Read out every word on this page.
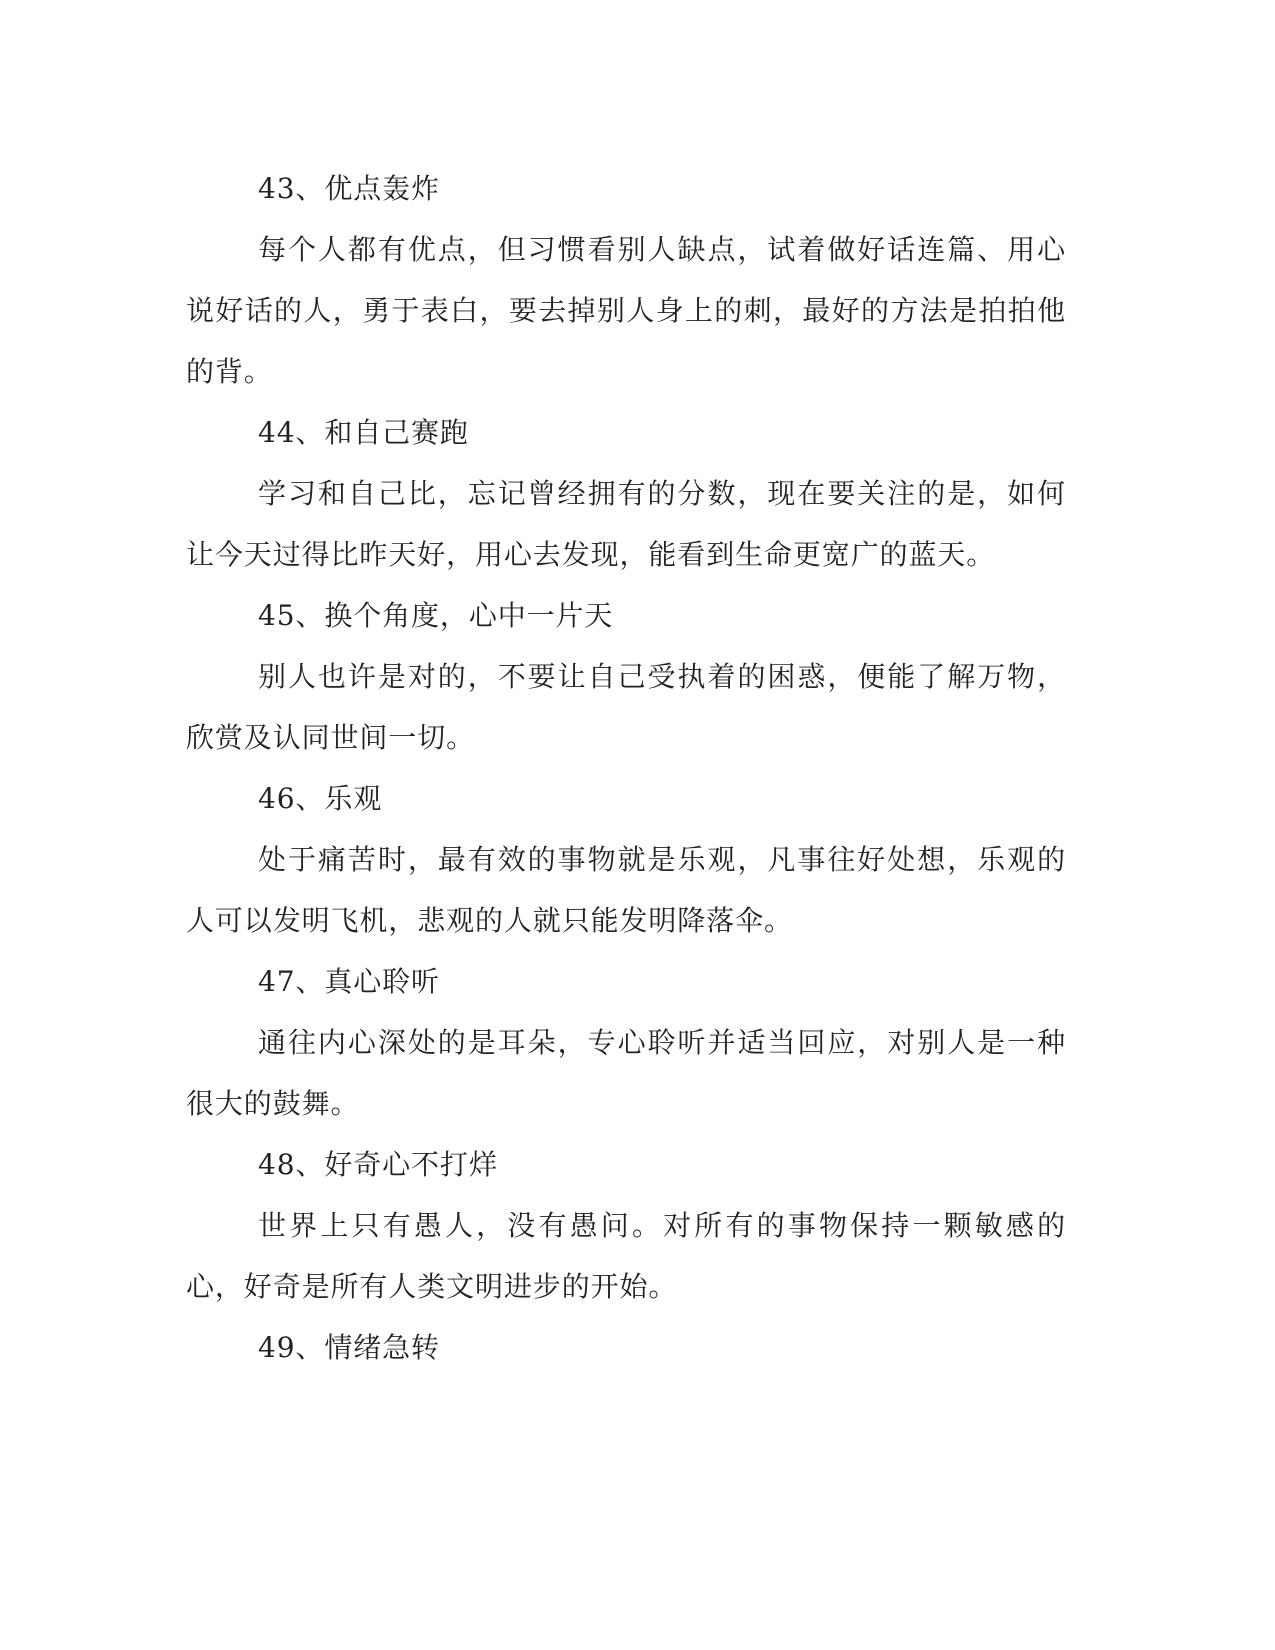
43、优点轰炸

每个人都有优点，但习惯看别人缺点，试着做好话连篇、用心说好话的人，勇于表白，要去掉别人身上的刺，最好的方法是拍拍他的背。

44、和自己赛跑

学习和自己比，忘记曾经拥有的分数，现在要关注的是，如何让今天过得比昨天好，用心去发现，能看到生命更宽广的蓝天。

45、换个角度，心中一片天

别人也许是对的，不要让自己受执着的困惑，便能了解万物，欣赏及认同世间一切。

46、乐观

处于痛苦时，最有效的事物就是乐观，凡事往好处想，乐观的人可以发明飞机，悲观的人就只能发明降落伞。

47、真心聆听

通往内心深处的是耳朵，专心聆听并适当回应，对别人是一种很大的鼓舞。

48、好奇心不打烊

世界上只有愚人，没有愚问。对所有的事物保持一颗敏感的心，好奇是所有人类文明进步的开始。

49、情绪急转
